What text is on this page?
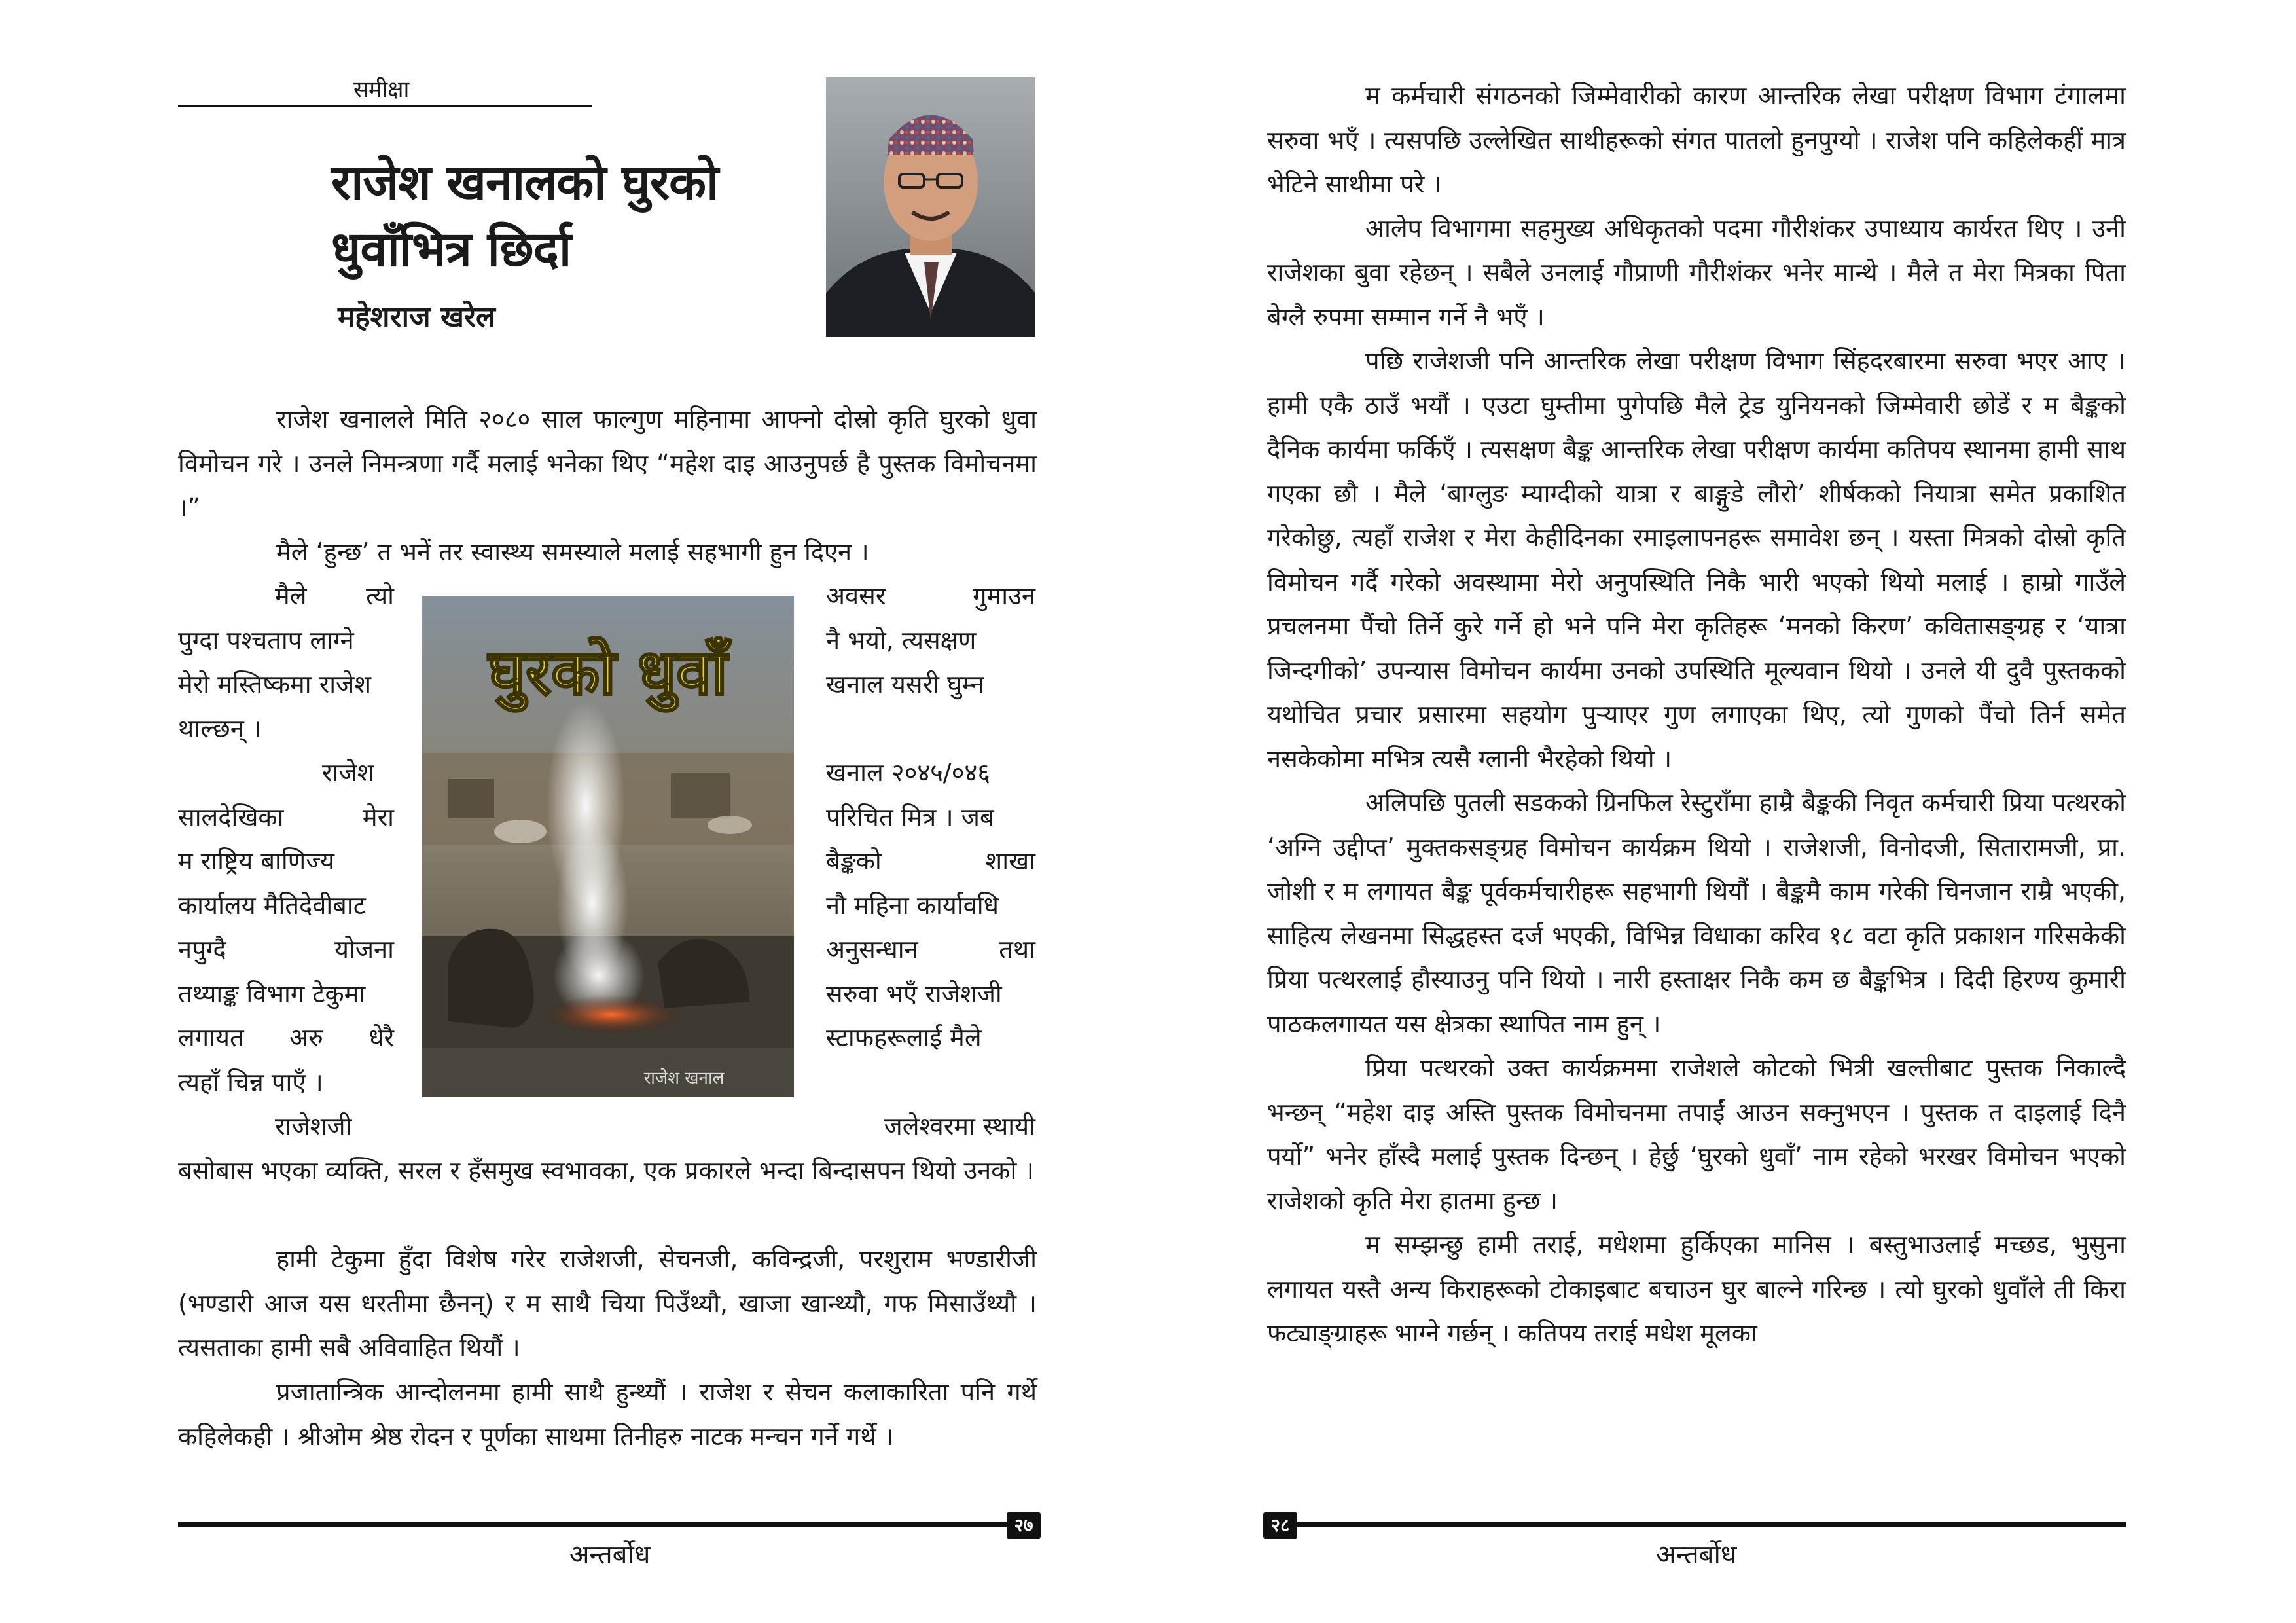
समीक्षा
राजेश खनालको घुरको
धुवाँभित्र छिर्दा
महेशराज खरेल
राजेश खनालले मिति २०८० साल फाल्गुण महिनामा आफ्नो दोस्रो कृति घुरको धुवा विमोचन गरे । उनले निमन्त्रणा गर्दै मलाई भनेका थिए “महेश दाइ आउनुपर्छ है पुस्तक विमोचनमा ।”
मैले ‘हुन्छ’ त भनें तर स्वास्थ्य समस्याले मलाई सहभागी हुन दिएन ।
मैले त्यो
पुग्दा पश्चताप लाग्ने
मेरो मस्तिष्कमा राजेश
थाल्छन् ।
राजेश
सालदेखिका मेरा
म राष्ट्रिय बाणिज्य
कार्यालय मैतिदेवीबाट
नपुग्दै योजना
तथ्याङ्क विभाग टेकुमा
लगायत अरु धेरै
त्यहाँ चिन्न पाएँ ।
राजेशजी
घुरको धुवाँ
राजेश खनाल
अवसर गुमाउन
नै भयो, त्यसक्षण
खनाल यसरी घुम्न

खनाल २०४५/०४६
परिचित मित्र । जब
बैङ्कको शाखा
नौ महिना कार्यावधि
अनुसन्धान तथा
सरुवा भएँ राजेशजी
स्टाफहरूलाई मैले

जलेश्वरमा स्थायी
बसोबास भएका व्यक्ति, सरल र हँसमुख स्वभावका, एक प्रकारले भन्दा बिन्दासपन थियो उनको ।
हामी टेकुमा हुँदा विशेष गरेर राजेशजी, सेचनजी, कविन्द्रजी, परशुराम भण्डारीजी (भण्डारी आज यस धरतीमा छैनन्) र म साथै चिया पिउँथ्यौ, खाजा खान्थ्यौ, गफ मिसाउँथ्यौ । त्यसताका हामी सबै अविवाहित थियौं ।
प्रजातान्त्रिक आन्दोलनमा हामी साथै हुन्थ्यौं । राजेश र सेचन कलाकारिता पनि गर्थे कहिलेकही । श्रीओम श्रेष्ठ रोदन र पूर्णका साथमा तिनीहरु नाटक मन्चन गर्ने गर्थे ।
२७
अन्तर्बोध

म कर्मचारी संगठनको जिम्मेवारीको कारण आन्तरिक लेखा परीक्षण विभाग टंगालमा सरुवा भएँ । त्यसपछि उल्लेखित साथीहरूको संगत पातलो हुनपुग्यो । राजेश पनि कहिलेकहीं मात्र भेटिने साथीमा परे ।

आलेप विभागमा सहमुख्य अधिकृतको पदमा गौरीशंकर उपाध्याय कार्यरत थिए । उनी राजेशका बुवा रहेछन् । सबैले उनलाई गौप्राणी गौरीशंकर भनेर मान्थे । मैले त मेरा मित्रका पिता बेग्लै रुपमा सम्मान गर्ने नै भएँ ।

पछि राजेशजी पनि आन्तरिक लेखा परीक्षण विभाग सिंहदरबारमा सरुवा भएर आए । हामी एकै ठाउँ भयौं । एउटा घुम्तीमा पुगेपछि मैले ट्रेड युनियनको जिम्मेवारी छोडें र म बैङ्कको दैनिक कार्यमा फर्किएँ । त्यसक्षण बैङ्क आन्तरिक लेखा परीक्षण कार्यमा कतिपय स्थानमा हामी साथ गएका छौ । मैले ‘बाग्लुङ म्याग्दीको यात्रा र बाङ्गुडे लौरो’ शीर्षकको नियात्रा समेत प्रकाशित गरेकोछु, त्यहाँ राजेश र मेरा केहीदिनका रमाइलापनहरू समावेश छन् । यस्ता मित्रको दोस्रो कृति विमोचन गर्दै गरेको अवस्थामा मेरो अनुपस्थिति निकै भारी भएको थियो मलाई । हाम्रो गाउँले प्रचलनमा पैंचो तिर्ने कुरे गर्ने हो भने पनि मेरा कृतिहरू ‘मनको किरण’ कवितासङ्ग्रह र ‘यात्रा जिन्दगीको’ उपन्यास विमोचन कार्यमा उनको उपस्थिति मूल्यवान थियो । उनले यी दुवै पुस्तकको यथोचित प्रचार प्रसारमा सहयोग पुऱ्याएर गुण लगाएका थिए, त्यो गुणको पैंचो तिर्न समेत नसकेकोमा मभित्र त्यसै ग्लानी भैरहेको थियो ।

अलिपछि पुतली सडकको ग्रिनफिल रेस्टुराँमा हाम्रै बैङ्ककी निवृत कर्मचारी प्रिया पत्थरको ‘अग्नि उद्दीप्त’ मुक्तकसङ्ग्रह विमोचन कार्यक्रम थियो । राजेशजी, विनोदजी, सितारामजी, प्रा. जोशी र म लगायत बैङ्क पूर्वकर्मचारीहरू सहभागी थियौं । बैङ्कमै काम गरेकी चिनजान राम्रै भएकी, साहित्य लेखनमा सिद्धहस्त दर्ज भएकी, विभिन्न विधाका करिव १८ वटा कृति प्रकाशन गरिसकेकी प्रिया पत्थरलाई हौस्याउनु पनि थियो । नारी हस्ताक्षर निकै कम छ बैङ्कभित्र । दिदी हिरण्य कुमारी पाठकलगायत यस क्षेत्रका स्थापित नाम हुन् ।

प्रिया पत्थरको उक्त कार्यक्रममा राजेशले कोटको भित्री खल्तीबाट पुस्तक निकाल्दै भन्छन् “महेश दाइ अस्ति पुस्तक विमोचनमा तपाईं आउन सक्नुभएन । पुस्तक त दाइलाई दिनै पर्यो” भनेर हाँस्दै मलाई पुस्तक दिन्छन् । हेर्छु ‘घुरको धुवाँ’ नाम रहेको भरखर विमोचन भएको राजेशको कृति मेरा हातमा हुन्छ ।

म सम्झन्छु हामी तराई, मधेशमा हुर्किएका मानिस । बस्तुभाउलाई मच्छड, भुसुना लगायत यस्तै अन्य किराहरूको टोकाइबाट बचाउन घुर बाल्ने गरिन्छ । त्यो घुरको धुवाँले ती किरा फट्याङ्ग्राहरू भाग्ने गर्छन् । कतिपय तराई मधेश मूलका

२८
अन्तर्बोध
